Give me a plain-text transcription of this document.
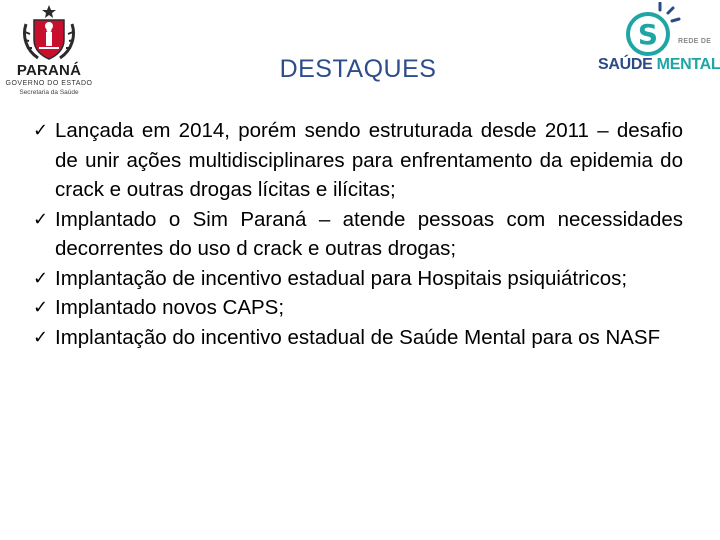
PARANÁ
GOVERNO DO ESTADO
Secretaria da Saúde
DESTAQUES
S	REDE DE
SAÚDE MENTAL
✓ Lançada em 2014, porém sendo estruturada desde 2011 – desafio de unir ações multidisciplinares para enfrentamento da epidemia do crack e outras drogas lícitas e ilícitas;
✓ Implantado o Sim Paraná – atende pessoas com necessidades decorrentes do uso d crack e outras drogas;
✓ Implantação de incentivo estadual para Hospitais psiquiátricos;
✓ Implantado novos CAPS;
✓ Implantação do incentivo estadual de Saúde Mental para os NASF
